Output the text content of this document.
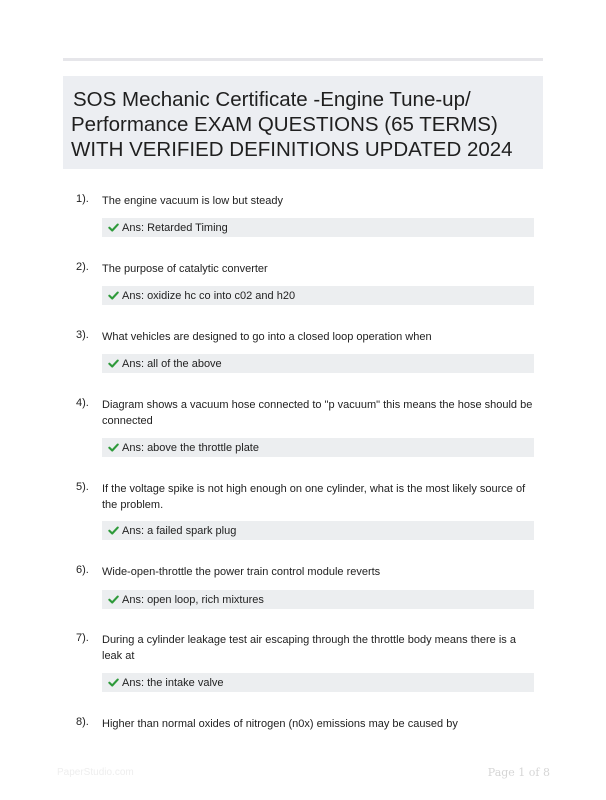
SOS Mechanic Certificate -Engine Tune-up/
Performance EXAM QUESTIONS (65 TERMS)
WITH VERIFIED DEFINITIONS UPDATED 2024
1). The engine vacuum is low but steady
Ans: Retarded Timing
2). The purpose of catalytic converter
Ans: oxidize hc co into c02 and h20
3). What vehicles are designed to go into a closed loop operation when
Ans: all of the above
4). Diagram shows a vacuum hose connected to "p vacuum" this means the hose should be connected
Ans: above the throttle plate
5). If the voltage spike is not high enough on one cylinder, what is the most likely source of the problem.
Ans: a failed spark plug
6). Wide-open-throttle the power train control module reverts
Ans: open loop, rich mixtures
7). During a cylinder leakage test air escaping through the throttle body means there is a leak at
Ans: the intake valve
8). Higher than normal oxides of nitrogen (n0x) emissions may be caused by
PaperStudio.com	Page 1 of 8
